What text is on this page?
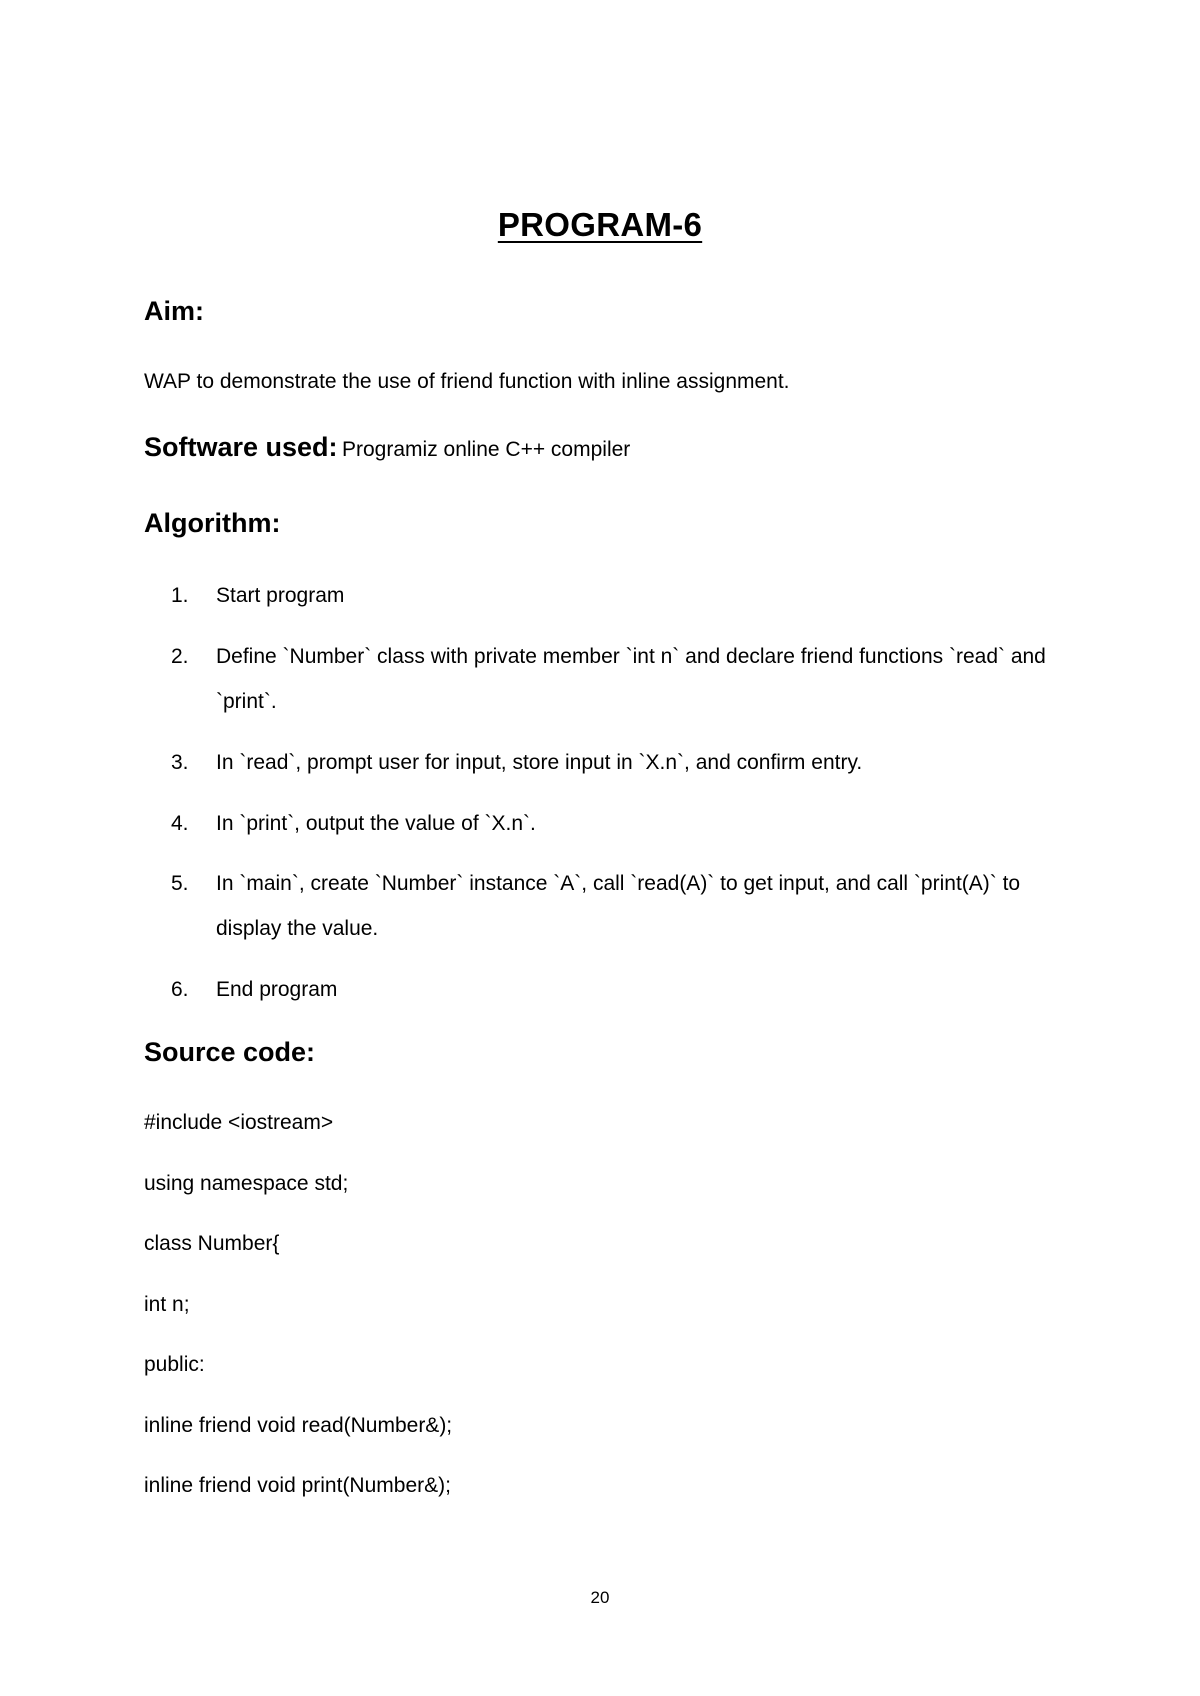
PROGRAM-6
Aim:
WAP to demonstrate the use of friend function with inline assignment.
Software used: Programiz online C++ compiler
Algorithm:
1. Start program
2. Define `Number` class with private member `int n` and declare friend functions `read` and `print`.
3. In `read`, prompt user for input, store input in `X.n`, and confirm entry.
4. In `print`, output the value of `X.n`.
5. In `main`, create `Number` instance `A`, call `read(A)` to get input, and call `print(A)` to display the value.
6. End program
Source code:
#include <iostream>
using namespace std;
class Number{
int n;
public:
inline friend void read(Number&);
inline friend void print(Number&);
20
